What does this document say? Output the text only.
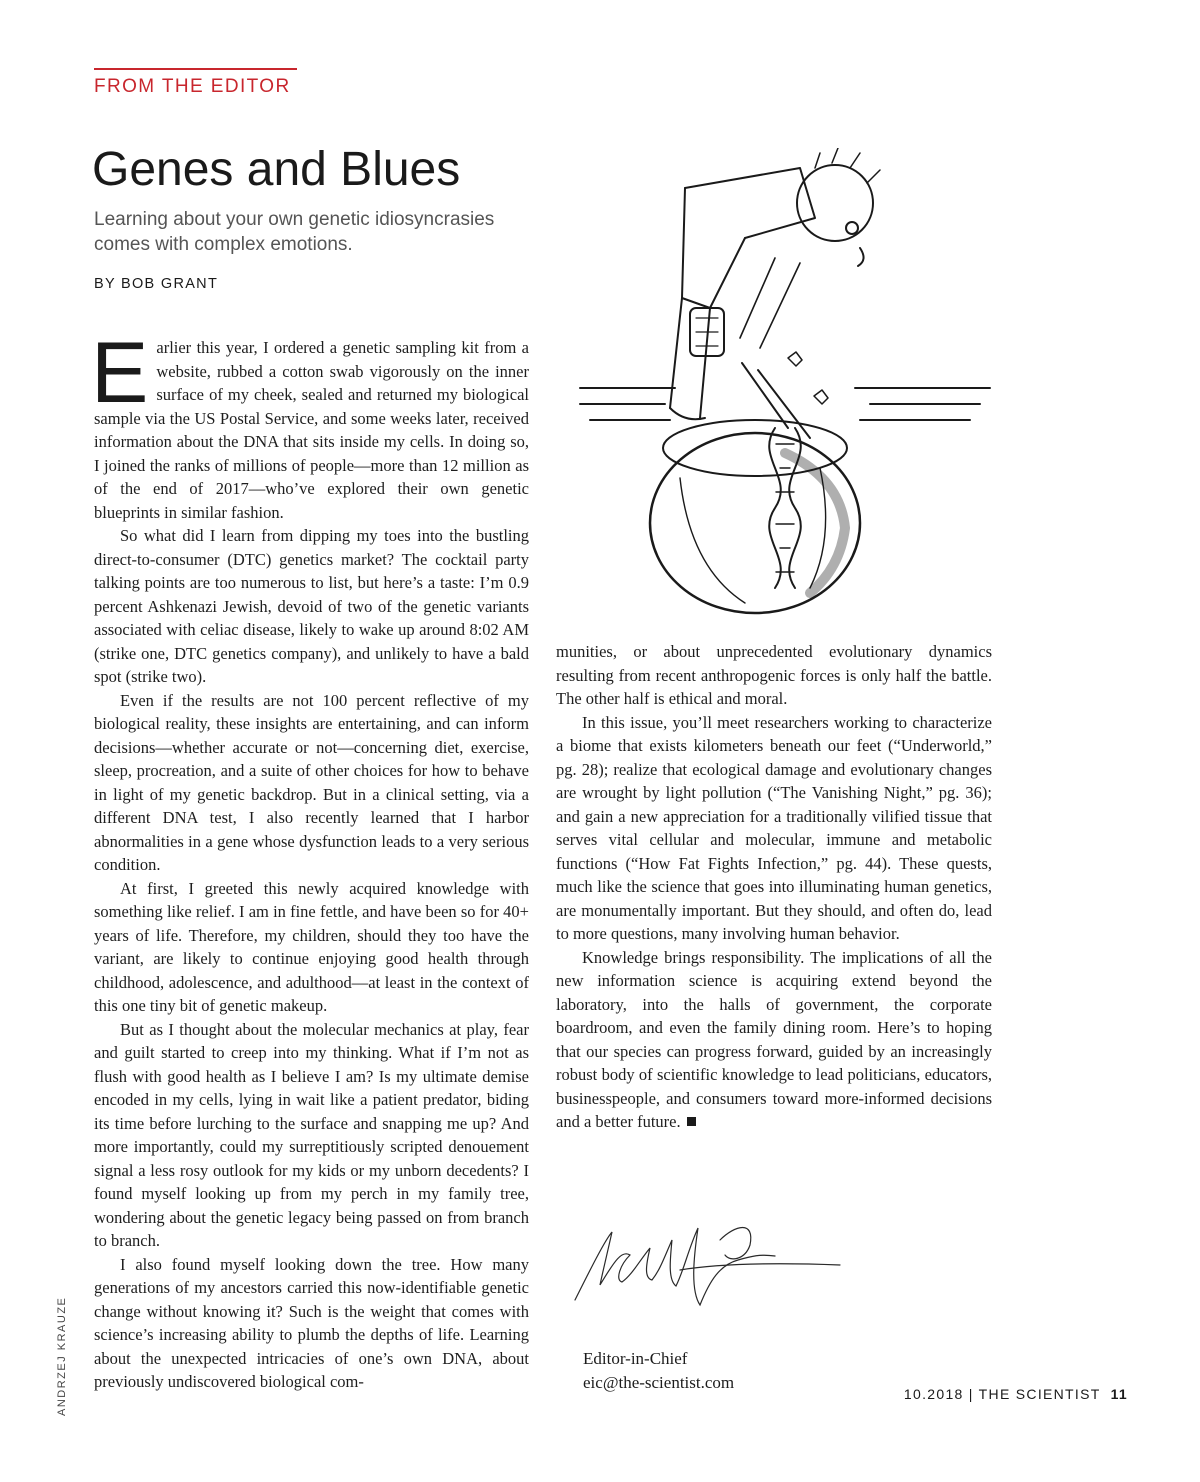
FROM THE EDITOR
Genes and Blues
Learning about your own genetic idiosyncrasies
comes with complex emotions.
BY BOB GRANT

Earlier this year, I ordered a genetic sampling kit from a website, rubbed a cotton swab vigorously on the inner surface of my cheek, sealed and returned my biological sample via the US Postal Service, and some weeks later, received information about the DNA that sits inside my cells. In doing so, I joined the ranks of millions of people—more than 12 million as of the end of 2017—who’ve explored their own genetic blueprints in similar fashion.

So what did I learn from dipping my toes into the bustling direct-to-consumer (DTC) genetics market? The cocktail party talking points are too numerous to list, but here’s a taste: I’m 0.9 percent Ashkenazi Jewish, devoid of two of the genetic variants associated with celiac disease, likely to wake up around 8:02 AM (strike one, DTC genetics company), and unlikely to have a bald spot (strike two).

Even if the results are not 100 percent reflective of my biological reality, these insights are entertaining, and can inform decisions—whether accurate or not—concerning diet, exercise, sleep, procreation, and a suite of other choices for how to behave in light of my genetic backdrop. But in a clinical setting, via a different DNA test, I also recently learned that I harbor abnormalities in a gene whose dysfunction leads to a very serious condition.

At first, I greeted this newly acquired knowledge with something like relief. I am in fine fettle, and have been so for 40+ years of life. Therefore, my children, should they too have the variant, are likely to continue enjoying good health through childhood, adolescence, and adulthood—at least in the context of this one tiny bit of genetic makeup.

But as I thought about the molecular mechanics at play, fear and guilt started to creep into my thinking. What if I’m not as flush with good health as I believe I am? Is my ultimate demise encoded in my cells, lying in wait like a patient predator, biding its time before lurching to the surface and snapping me up? And more importantly, could my surreptitiously scripted denouement signal a less rosy outlook for my kids or my unborn decedents? I found myself looking up from my perch in my family tree, wondering about the genetic legacy being passed on from branch to branch.

I also found myself looking down the tree. How many generations of my ancestors carried this now-identifiable genetic change without knowing it? Such is the weight that comes with science’s increasing ability to plumb the depths of life. Learning about the unexpected intricacies of one’s own DNA, about previously undiscovered biological com-

munities, or about unprecedented evolutionary dynamics resulting from recent anthropogenic forces is only half the battle. The other half is ethical and moral.

In this issue, you’ll meet researchers working to characterize a biome that exists kilometers beneath our feet (“Underworld,” pg. 28); realize that ecological damage and evolutionary changes are wrought by light pollution (“The Vanishing Night,” pg. 36); and gain a new appreciation for a traditionally vilified tissue that serves vital cellular and molecular, immune and metabolic functions (“How Fat Fights Infection,” pg. 44). These quests, much like the science that goes into illuminating human genetics, are monumentally important. But they should, and often do, lead to more questions, many involving human behavior.

Knowledge brings responsibility. The implications of all the new information science is acquiring extend beyond the laboratory, into the halls of government, the corporate boardroom, and even the family dining room. Here’s to hoping that our species can progress forward, guided by an increasingly robust body of scientific knowledge to lead politicians, educators, businesspeople, and consumers toward more-informed decisions and a better future.

Editor-in-Chief
eic@the-scientist.com
ANDRZEJ KRAUZE	10.2018 | THE SCIENTIST 11
